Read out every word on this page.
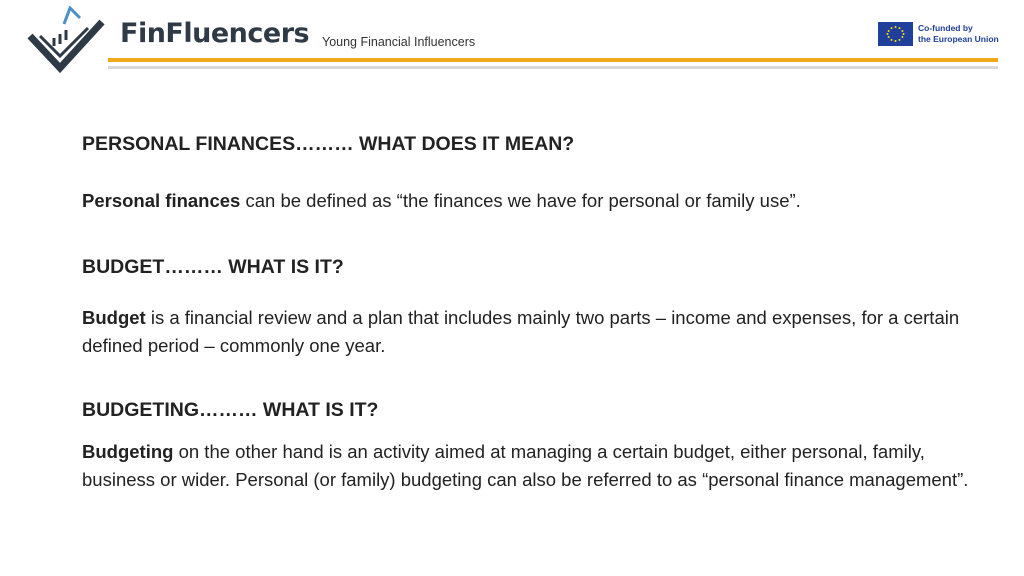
FinFluencers Young Financial Influencers
Co-funded by
the European Union
PERSONAL FINANCES……… WHAT DOES IT MEAN?

Personal finances can be defined as “the finances we have for personal or family use”.

BUDGET……… WHAT IS IT?

Budget is a financial review and a plan that includes mainly two parts – income and expenses, for a certain defined period – commonly one year.

BUDGETING……… WHAT IS IT?

Budgeting on the other hand is an activity aimed at managing a certain budget, either personal, family, business or wider. Personal (or family) budgeting can also be referred to as “personal finance management”.
